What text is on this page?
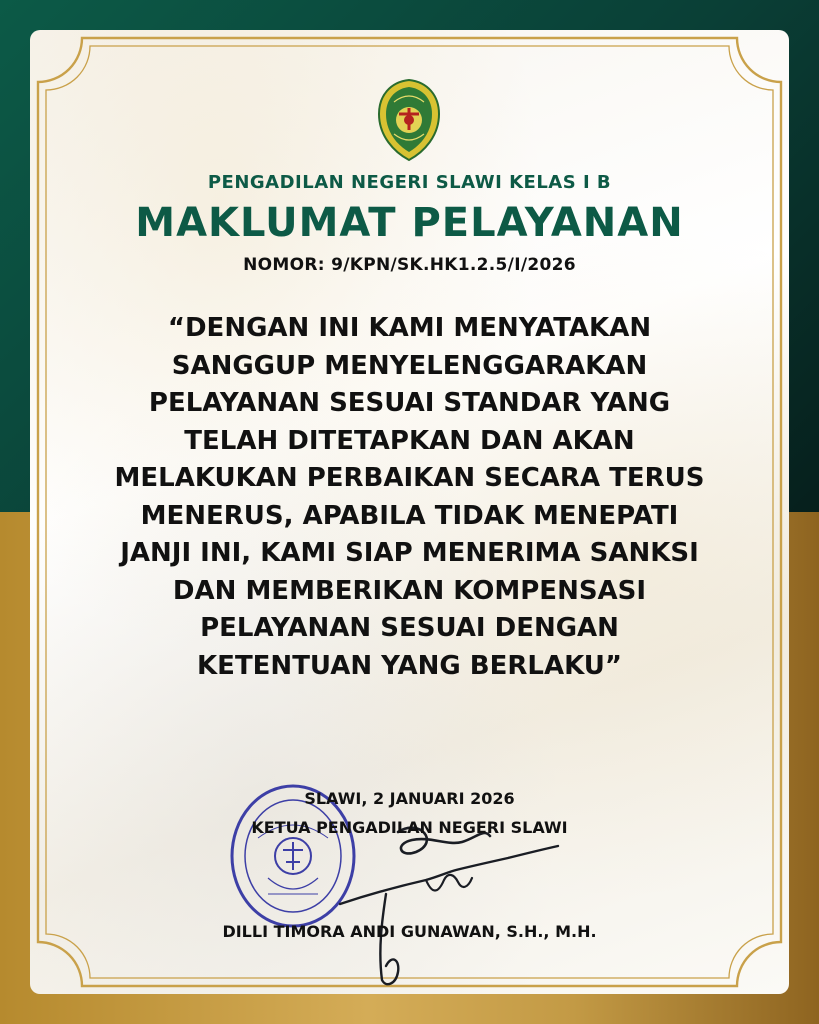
PENGADILAN NEGERI SLAWI KELAS I B
MAKLUMAT PELAYANAN
NOMOR: 9/KPN/SK.HK1.2.5/I/2026
“DENGAN INI KAMI MENYATAKAN
SANGGUP MENYELENGGARAKAN
PELAYANAN SESUAI STANDAR YANG
TELAH DITETAPKAN DAN AKAN
MELAKUKAN PERBAIKAN SECARA TERUS
MENERUS, APABILA TIDAK MENEPATI
JANJI INI, KAMI SIAP MENERIMA SANKSI
DAN MEMBERIKAN KOMPENSASI
PELAYANAN SESUAI DENGAN
KETENTUAN YANG BERLAKU”
SLAWI, 2 JANUARI 2026
KETUA PENGADILAN NEGERI SLAWI
DILLI TIMORA ANDI GUNAWAN, S.H., M.H.
